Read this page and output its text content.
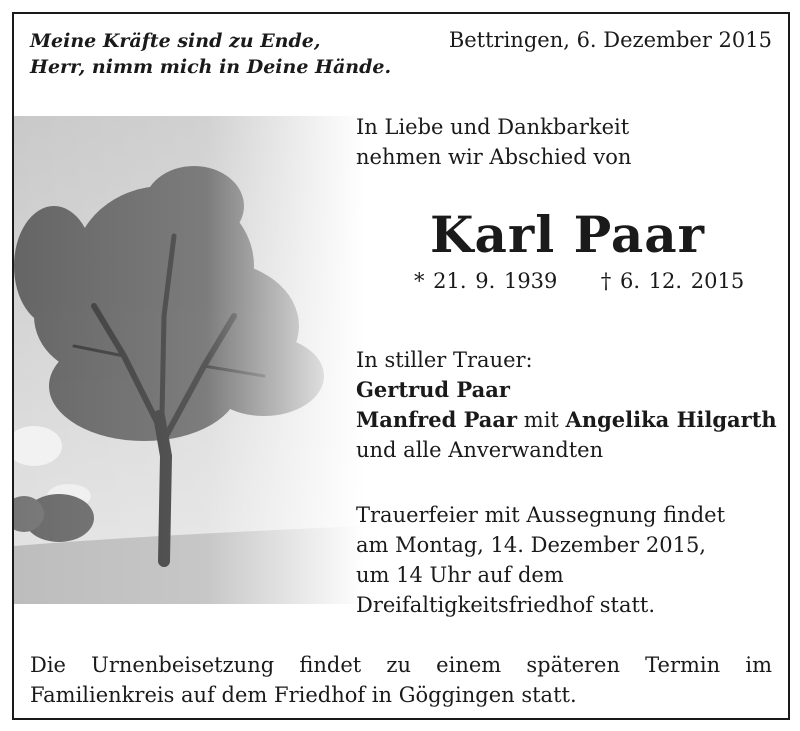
Meine Kräfte sind zu Ende,
Herr, nimm mich in Deine Hände.
Bettringen, 6. Dezember 2015
In Liebe und Dankbarkeit
nehmen wir Abschied von
Karl Paar
* 21. 9. 1939 † 6. 12. 2015
In stiller Trauer:
Gertrud Paar
Manfred Paar mit Angelika Hilgarth
und alle Anverwandten
Trauerfeier mit Aussegnung findet
am Montag, 14. Dezember 2015,
um 14 Uhr auf dem
Dreifaltigkeitsfriedhof statt.
Die Urnenbeisetzung findet zu einem späteren Termin im
Familienkreis auf dem Friedhof in Göggingen statt.
